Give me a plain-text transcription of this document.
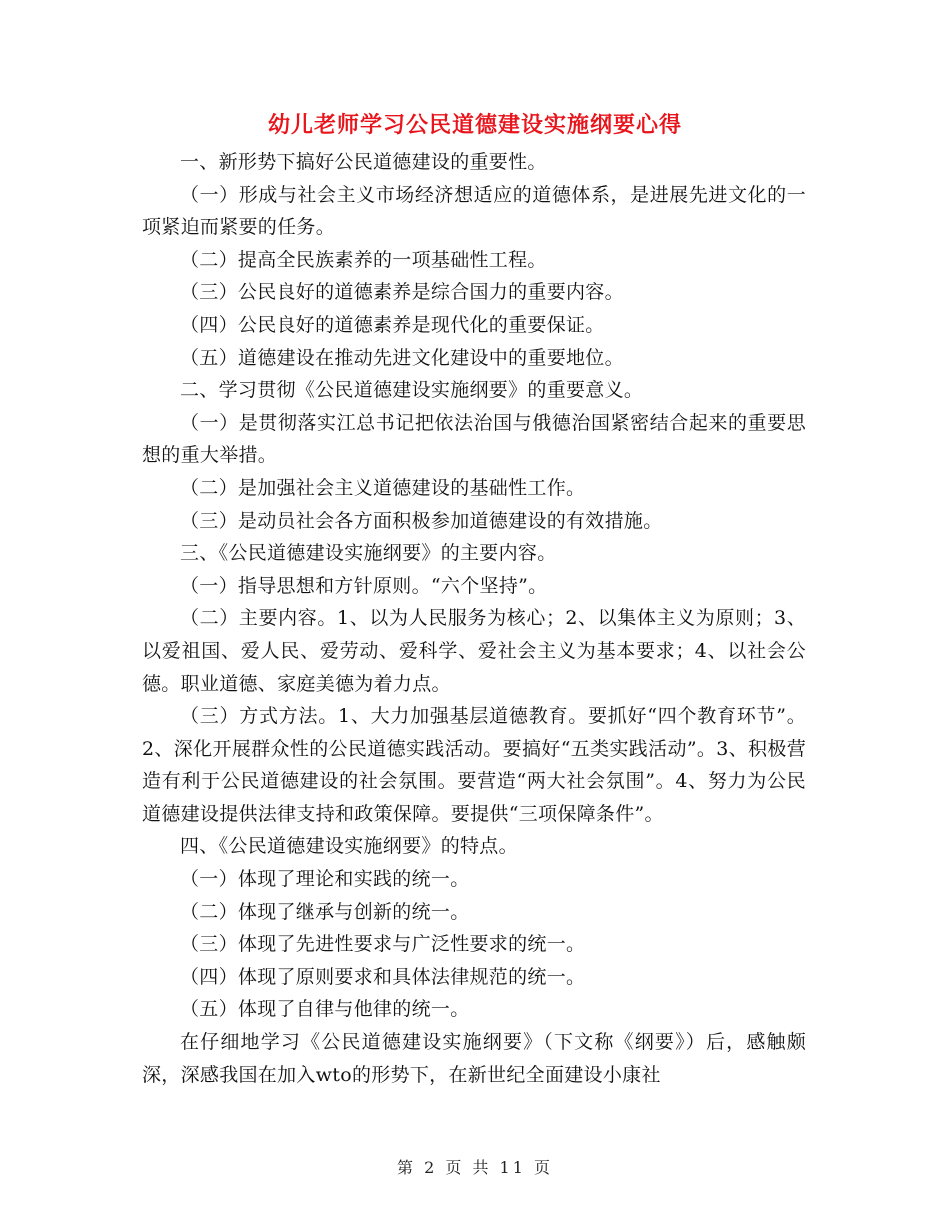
幼儿老师学习公民道德建设实施纲要心得

一、新形势下搞好公民道德建设的重要性。

（一）形成与社会主义市场经济想适应的道德体系，是进展先进文化的一项紧迫而紧要的任务。

（二）提高全民族素养的一项基础性工程。

（三）公民良好的道德素养是综合国力的重要内容。

（四）公民良好的道德素养是现代化的重要保证。

（五）道德建设在推动先进文化建设中的重要地位。

二、学习贯彻《公民道德建设实施纲要》的重要意义。

（一）是贯彻落实江总书记把依法治国与俄德治国紧密结合起来的重要思想的重大举措。

（二）是加强社会主义道德建设的基础性工作。

（三）是动员社会各方面积极参加道德建设的有效措施。

三、《公民道德建设实施纲要》的主要内容。

（一）指导思想和方针原则。“六个坚持”。

（二）主要内容。1、以为人民服务为核心；2、以集体主义为原则；3、以爱祖国、爱人民、爱劳动、爱科学、爱社会主义为基本要求；4、以社会公德。职业道德、家庭美德为着力点。

（三）方式方法。1、大力加强基层道德教育。要抓好“四个教育环节”。2、深化开展群众性的公民道德实践活动。要搞好“五类实践活动”。3、积极营造有利于公民道德建设的社会氛围。要营造“两大社会氛围”。4、努力为公民道德建设提供法律支持和政策保障。要提供“三项保障条件”。

四、《公民道德建设实施纲要》的特点。

（一）体现了理论和实践的统一。

（二）体现了继承与创新的统一。

（三）体现了先进性要求与广泛性要求的统一。

（四）体现了原则要求和具体法律规范的统一。

（五）体现了自律与他律的统一。

在仔细地学习《公民道德建设实施纲要》（下文称《纲要》）后，感触颇深，深感我国在加入wto的形势下，在新世纪全面建设小康社

第 2 页 共 11 页
